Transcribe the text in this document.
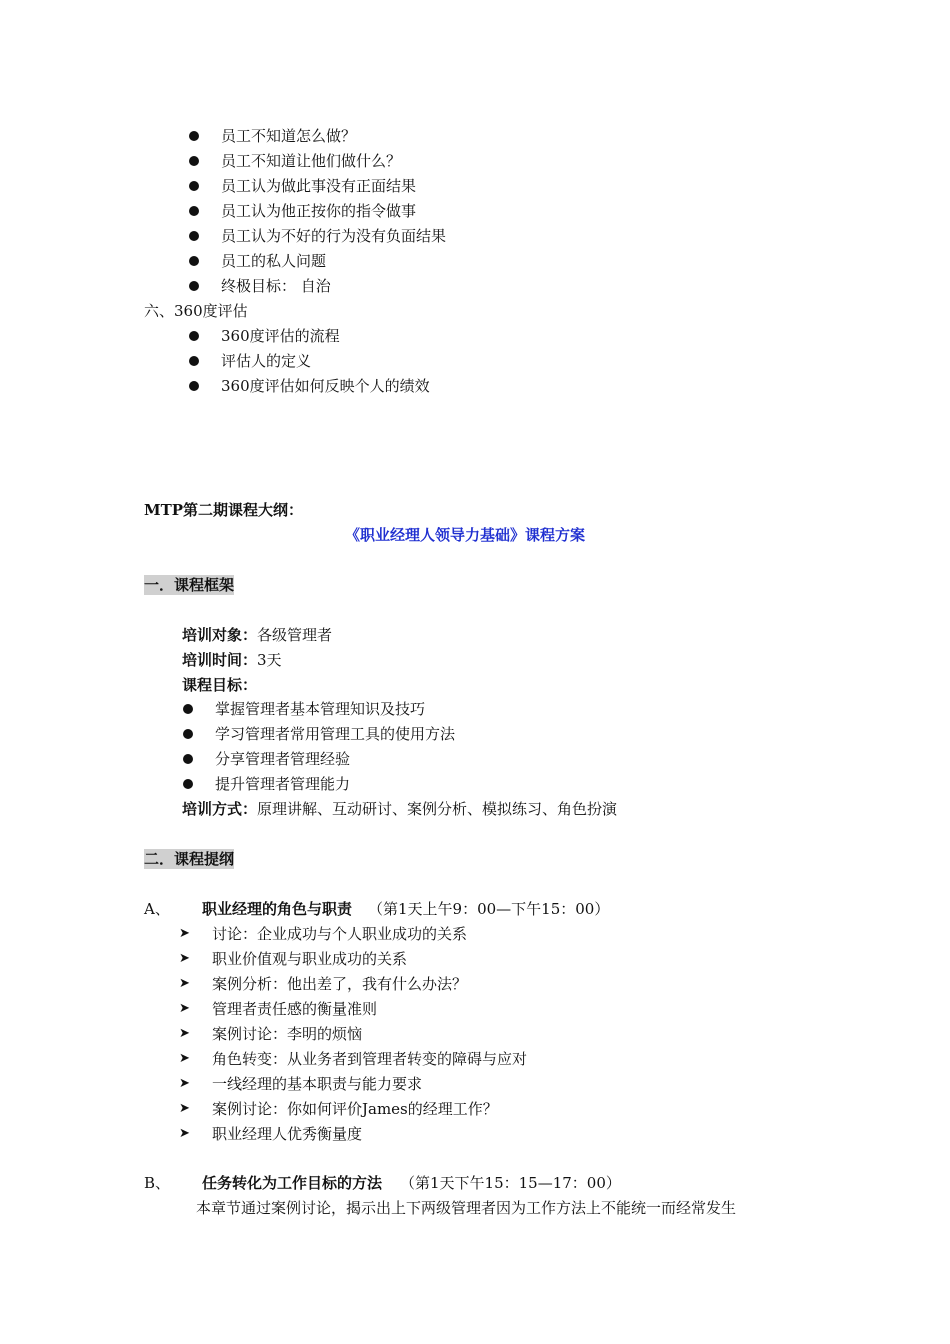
员工不知道怎么做？
员工不知道让他们做什么？
员工认为做此事没有正面结果
员工认为他正按你的指令做事
员工认为不好的行为没有负面结果
员工的私人问题
终极目标： 自治
六、360度评估
360度评估的流程
评估人的定义
360度评估如何反映个人的绩效
MTP第二期课程大纲：
《职业经理人领导力基础》课程方案
一．课程框架
培训对象：各级管理者
培训时间：3天
课程目标：
掌握管理者基本管理知识及技巧
学习管理者常用管理工具的使用方法
分享管理者管理经验
提升管理者管理能力
培训方式：原理讲解、互动研讨、案例分析、模拟练习、角色扮演
二．课程提纲
A、 职业经理的角色与职责 （第1天上午9：00—下午15：00）
➤ 讨论：企业成功与个人职业成功的关系
➤ 职业价值观与职业成功的关系
➤ 案例分析：他出差了，我有什么办法？
➤ 管理者责任感的衡量准则
➤ 案例讨论：李明的烦恼
➤ 角色转变：从业务者到管理者转变的障碍与应对
➤ 一线经理的基本职责与能力要求
➤ 案例讨论：你如何评价James的经理工作？
➤ 职业经理人优秀衡量度
B、 任务转化为工作目标的方法 （第1天下午15：15—17：00）
本章节通过案例讨论，揭示出上下两级管理者因为工作方法上不能统一而经常发生
